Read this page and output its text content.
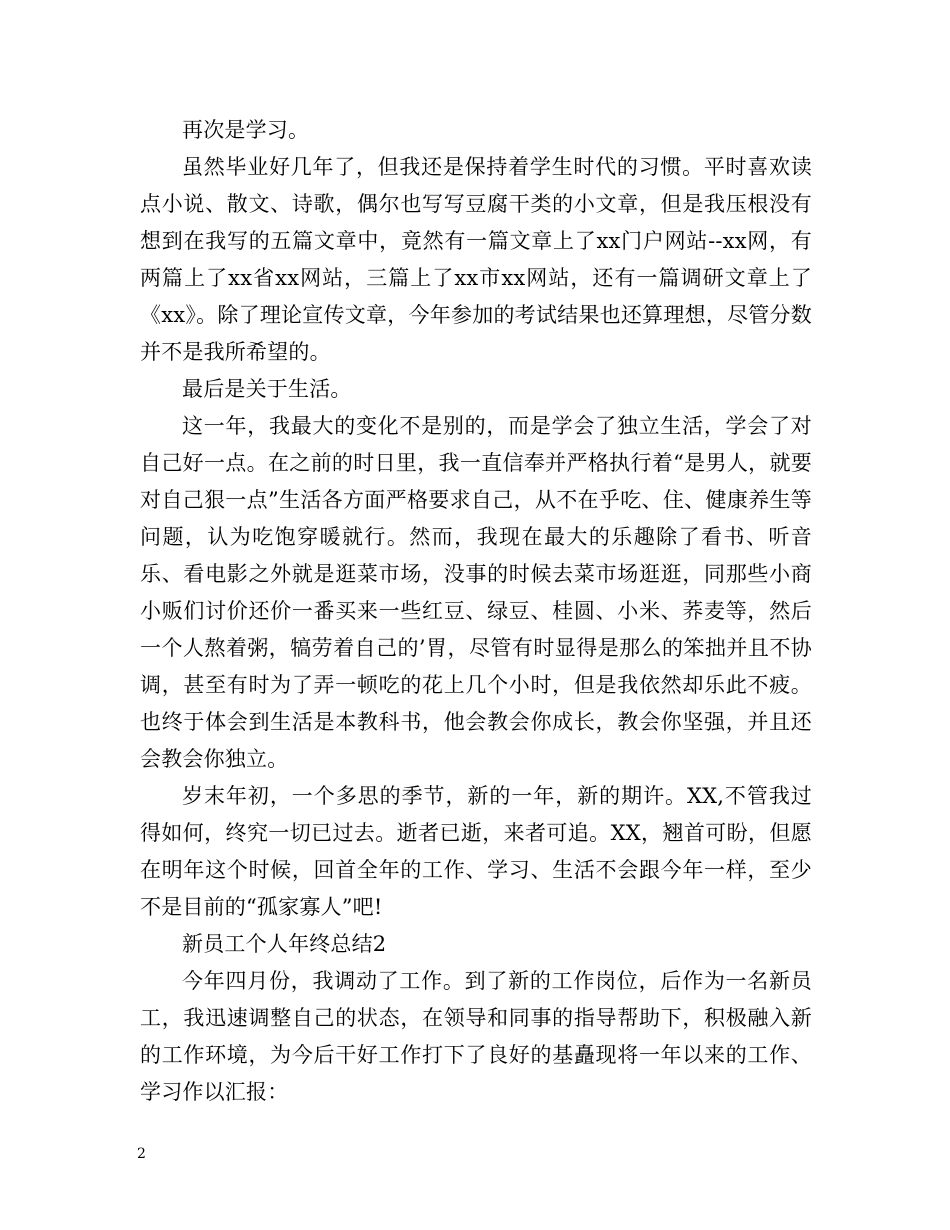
再次是学习。

虽然毕业好几年了，但我还是保持着学生时代的习惯。平时喜欢读点小说、散文、诗歌，偶尔也写写豆腐干类的小文章，但是我压根没有想到在我写的五篇文章中，竟然有一篇文章上了xx门户网站--xx网，有两篇上了xx省xx网站，三篇上了xx市xx网站，还有一篇调研文章上了《xx》。除了理论宣传文章，今年参加的考试结果也还算理想，尽管分数并不是我所希望的。

最后是关于生活。

这一年，我最大的变化不是别的，而是学会了独立生活，学会了对自己好一点。在之前的时日里，我一直信奉并严格执行着“是男人，就要对自己狠一点”生活各方面严格要求自己，从不在乎吃、住、健康养生等问题，认为吃饱穿暖就行。然而，我现在最大的乐趣除了看书、听音乐、看电影之外就是逛菜市场，没事的时候去菜市场逛逛，同那些小商小贩们讨价还价一番买来一些红豆、绿豆、桂圆、小米、荞麦等，然后一个人熬着粥，犒劳着自己的’胃，尽管有时显得是那么的笨拙并且不协调，甚至有时为了弄一顿吃的花上几个小时，但是我依然却乐此不疲。也终于体会到生活是本教科书，他会教会你成长，教会你坚强，并且还会教会你独立。

岁末年初，一个多思的季节，新的一年，新的期许。XX,不管我过得如何，终究一切已过去。逝者已逝，来者可追。XX，翘首可盼，但愿在明年这个时候，回首全年的工作、学习、生活不会跟今年一样，至少不是目前的“孤家寡人”吧!

新员工个人年终总结2

今年四月份，我调动了工作。到了新的工作岗位，后作为一名新员工，我迅速调整自己的状态，在领导和同事的指导帮助下，积极融入新的工作环境，为今后干好工作打下了良好的基矗现将一年以来的工作、学习作以汇报：

2
